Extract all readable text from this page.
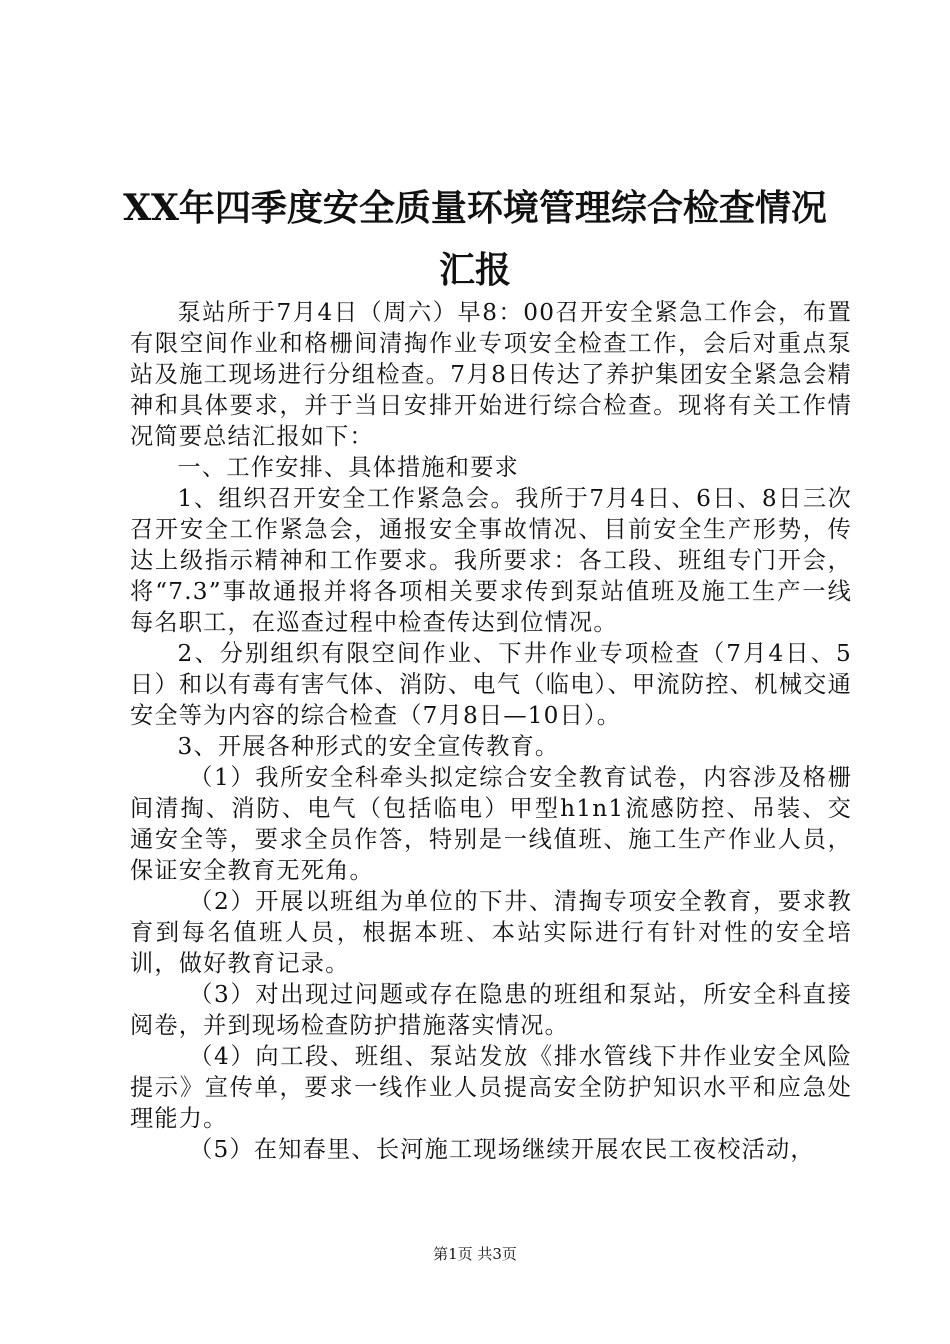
XX年四季度安全质量环境管理综合检查情况
汇报

泵站所于7月4日（周六）早8：00召开安全紧急工作会，布置有限空间作业和格栅间清掏作业专项安全检查工作，会后对重点泵站及施工现场进行分组检查。7月8日传达了养护集团安全紧急会精神和具体要求，并于当日安排开始进行综合检查。现将有关工作情况简要总结汇报如下：

一、工作安排、具体措施和要求

1、组织召开安全工作紧急会。我所于7月4日、6日、8日三次召开安全工作紧急会，通报安全事故情况、目前安全生产形势，传达上级指示精神和工作要求。我所要求：各工段、班组专门开会，将“7.3”事故通报并将各项相关要求传到泵站值班及施工生产一线每名职工，在巡查过程中检查传达到位情况。

2、分别组织有限空间作业、下井作业专项检查（7月4日、5日）和以有毒有害气体、消防、电气（临电）、甲流防控、机械交通安全等为内容的综合检查（7月8日—10日）。

3、开展各种形式的安全宣传教育。

（1）我所安全科牵头拟定综合安全教育试卷，内容涉及格栅间清掏、消防、电气（包括临电）甲型h1n1流感防控、吊装、交通安全等，要求全员作答，特别是一线值班、施工生产作业人员，保证安全教育无死角。

（2）开展以班组为单位的下井、清掏专项安全教育，要求教育到每名值班人员，根据本班、本站实际进行有针对性的安全培训，做好教育记录。

（3）对出现过问题或存在隐患的班组和泵站，所安全科直接阅卷，并到现场检查防护措施落实情况。

（4）向工段、班组、泵站发放《排水管线下井作业安全风险提示》宣传单，要求一线作业人员提高安全防护知识水平和应急处理能力。

（5）在知春里、长河施工现场继续开展农民工夜校活动，

第1页 共3页
